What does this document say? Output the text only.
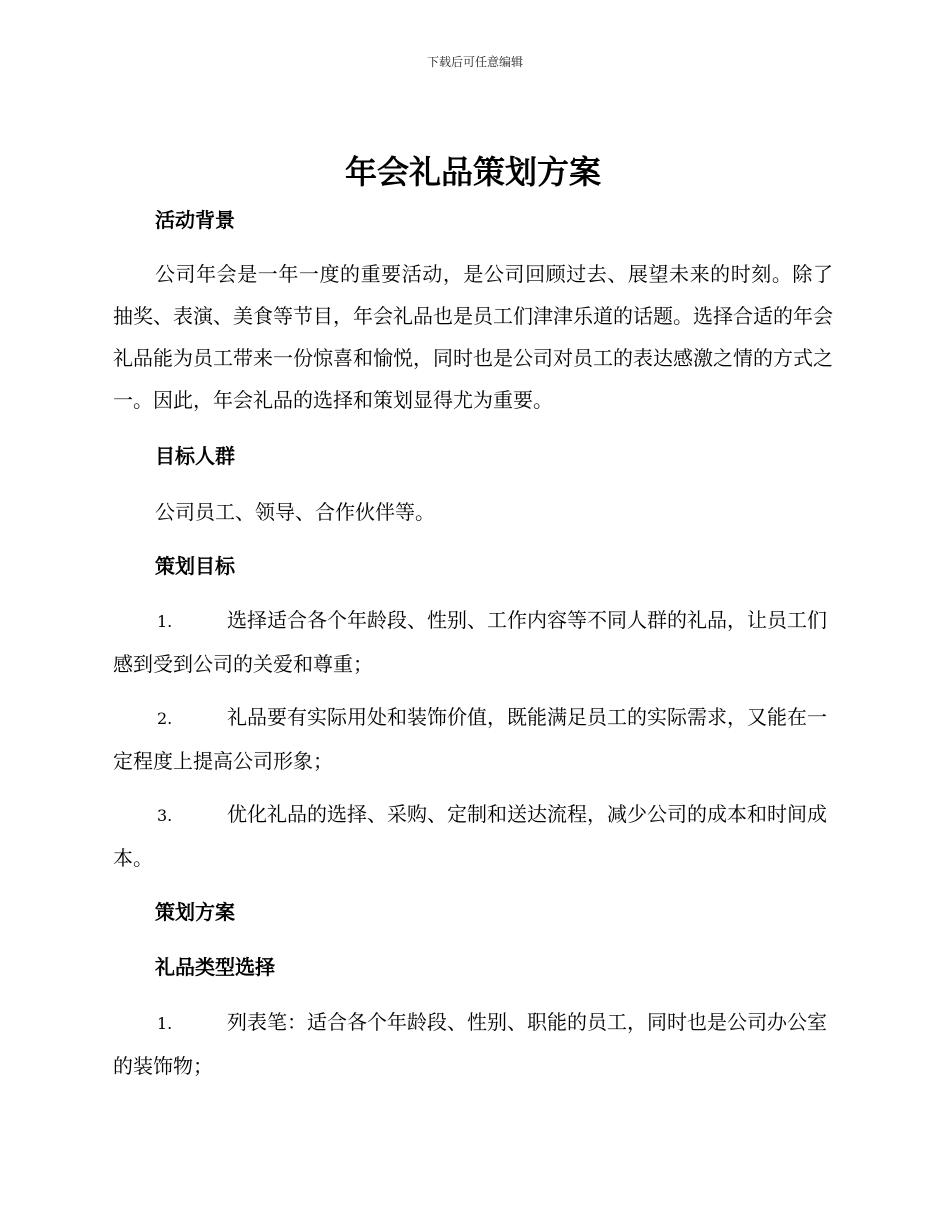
下载后可任意编辑
年会礼品策划方案
活动背景

公司年会是一年一度的重要活动，是公司回顾过去、展望未来的时刻。除了抽奖、表演、美食等节目，年会礼品也是员工们津津乐道的话题。选择合适的年会礼品能为员工带来一份惊喜和愉悦，同时也是公司对员工的表达感激之情的方式之一。因此，年会礼品的选择和策划显得尤为重要。

目标人群

公司员工、领导、合作伙伴等。

策划目标

1.	选择适合各个年龄段、性别、工作内容等不同人群的礼品，让员工们感到受到公司的关爱和尊重；

2.	礼品要有实际用处和装饰价值，既能满足员工的实际需求，又能在一定程度上提高公司形象；

3.	优化礼品的选择、采购、定制和送达流程，减少公司的成本和时间成本。

策划方案
礼品类型选择

1.	列表笔：适合各个年龄段、性别、职能的员工，同时也是公司办公室的装饰物；
